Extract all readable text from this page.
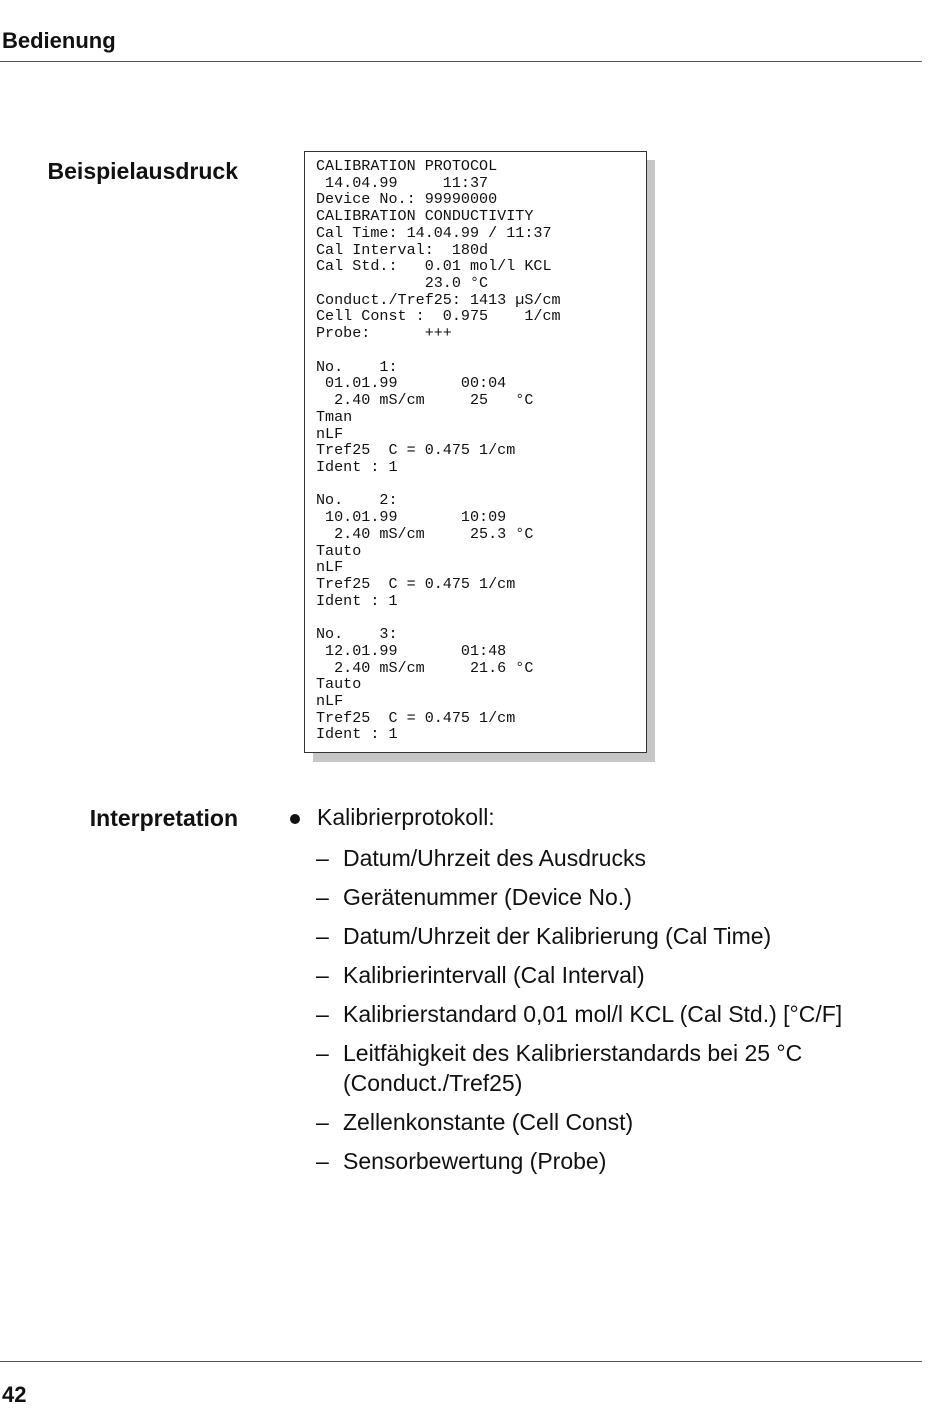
Bedienung
Beispielausdruck	CALIBRATION PROTOCOL
14.04.99     11:37
Device No.: 99990000
CALIBRATION CONDUCTIVITY
Cal Time: 14.04.99 / 11:37
Cal Interval:  180d
Cal Std.:   0.01 mol/l KCL
23.0 °C
Conduct./Tref25: 1413 µS/cm
Cell Const :  0.975    1/cm
Probe:      +++

No.    1:
01.01.99       00:04
2.40 mS/cm     25   °C
Tman
nLF
Tref25  C = 0.475 1/cm
Ident : 1

No.    2:
10.01.99       10:09
2.40 mS/cm     25.3 °C
Tauto
nLF
Tref25  C = 0.475 1/cm
Ident : 1

No.    3:
12.01.99       01:48
2.40 mS/cm     21.6 °C
Tauto
nLF
Tref25  C = 0.475 1/cm
Ident : 1
Interpretation	Kalibrierprotokoll:
– Datum/Uhrzeit des Ausdrucks
– Gerätenummer (Device No.)
– Datum/Uhrzeit der Kalibrierung (Cal Time)
– Kalibrierintervall (Cal Interval)
– Kalibrierstandard 0,01 mol/l KCL (Cal Std.) [°C/F]
– Leitfähigkeit des Kalibrierstandards bei 25 °C (Conduct./Tref25)
– Zellenkonstante (Cell Const)
– Sensorbewertung (Probe)
42
